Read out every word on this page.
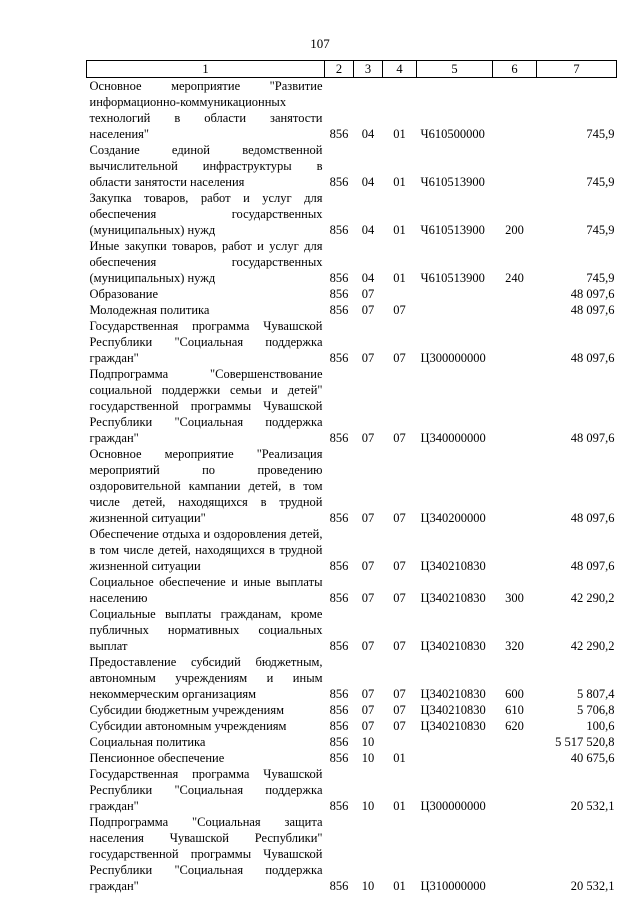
107
1	2	3	4	5	6	7
Основное мероприятие "Развитие информационно-коммуникационных технологий в области занятости населения"	856	04	01	Ч610500000		745,9
Создание единой ведомственной вычислительной инфраструктуры в области занятости населения	856	04	01	Ч610513900		745,9
Закупка товаров, работ и услуг для обеспечения государственных (муниципальных) нужд	856	04	01	Ч610513900	200	745,9
Иные закупки товаров, работ и услуг для обеспечения государственных (муниципальных) нужд	856	04	01	Ч610513900	240	745,9
Образование	856	07				48 097,6
Молодежная политика	856	07	07			48 097,6
Государственная программа Чувашской Республики "Социальная поддержка граждан"	856	07	07	Ц300000000		48 097,6
Подпрограмма "Совершенствование социальной поддержки семьи и детей" государственной программы Чувашской Республики "Социальная поддержка граждан"	856	07	07	Ц340000000		48 097,6
Основное мероприятие "Реализация мероприятий по проведению оздоровительной кампании детей, в том числе детей, находящихся в трудной жизненной ситуации"	856	07	07	Ц340200000		48 097,6
Обеспечение отдыха и оздоровления детей, в том числе детей, находящихся в трудной жизненной ситуации	856	07	07	Ц340210830		48 097,6
Социальное обеспечение и иные выплаты населению	856	07	07	Ц340210830	300	42 290,2
Социальные выплаты гражданам, кроме публичных нормативных социальных выплат	856	07	07	Ц340210830	320	42 290,2
Предоставление субсидий бюджетным, автономным учреждениям и иным некоммерческим организациям	856	07	07	Ц340210830	600	5 807,4
Субсидии бюджетным учреждениям	856	07	07	Ц340210830	610	5 706,8
Субсидии автономным учреждениям	856	07	07	Ц340210830	620	100,6
Социальная политика	856	10				5 517 520,8
Пенсионное обеспечение	856	10	01			40 675,6
Государственная программа Чувашской Республики "Социальная поддержка граждан"	856	10	01	Ц300000000		20 532,1
Подпрограмма "Социальная защита населения Чувашской Республики" государственной программы Чувашской Республики "Социальная поддержка граждан"	856	10	01	Ц310000000		20 532,1
